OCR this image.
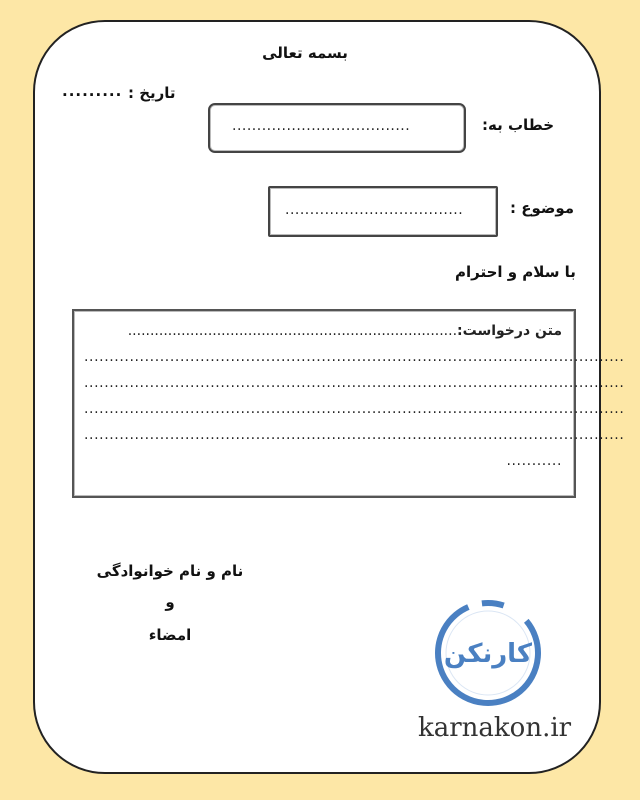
بسمه تعالی
تاریخ :
.........
....................................	خطاب به:
....................................	موضوع :
با سلام و احترام
متن درخواست:..........................................................................
...........................................................................................................
...........................................................................................................
...........................................................................................................
...........................................................................................................
...........
نام و نام خوانوادگی
و
امضاء
کارنکن
karnakon.ir
